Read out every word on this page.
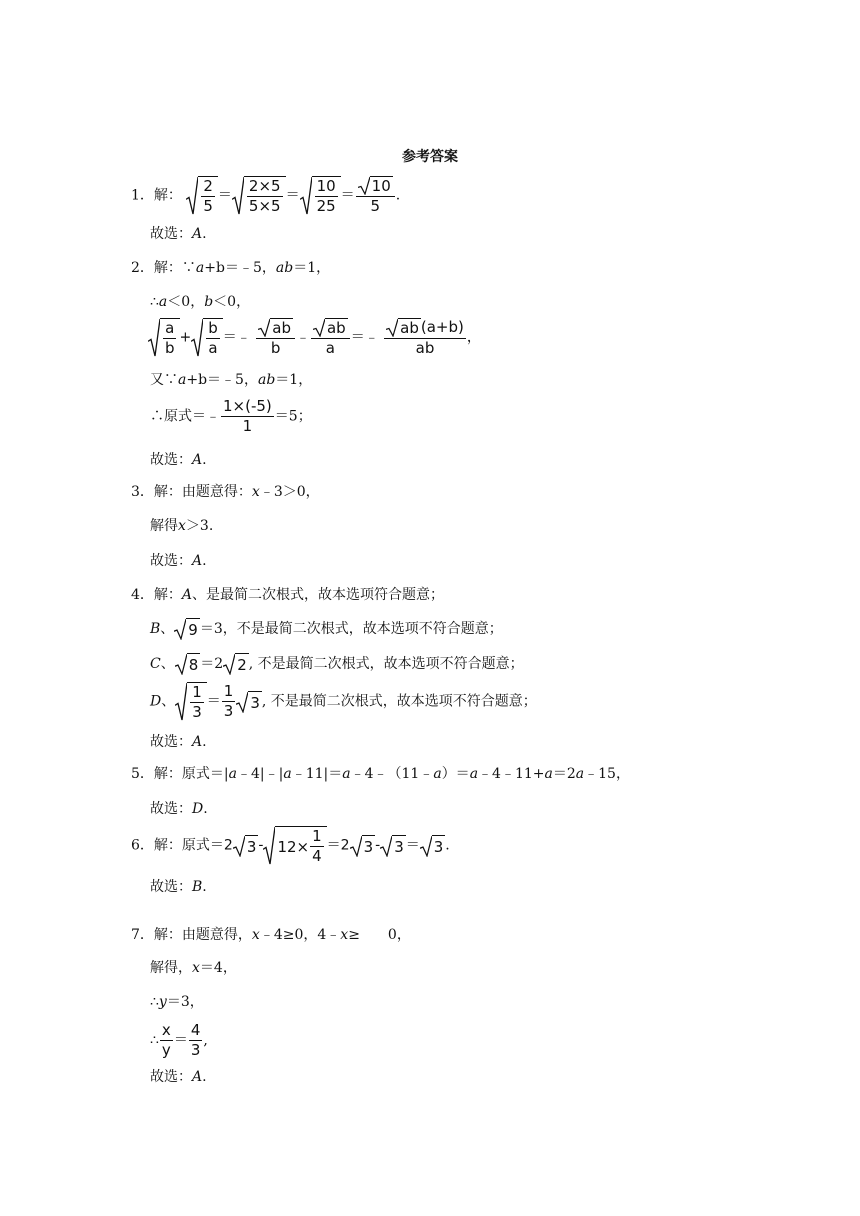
参考答案
1．解：
2
5
＝
2×5
5×5
＝
10
25
＝ $\frac{10}{5}$ .
故选：A.
2．解：∵a+b＝﹣5，ab＝1，
∴a＜0，b＜0，
a
b
+
b
a
＝﹣ $\frac{ab}{b}$ ﹣ $\frac{ab}{a}$ ＝﹣ $\frac{ab (a+b)}{ab}$ ，
又∵a+b＝﹣5，ab＝1，
∴原式＝﹣ $\frac{1\times(-5)}{1} =5$；
故选：A.
3．解：由题意得：x﹣3＞0，
解得x＞3.
故选：A.
4．解：A、是最简二次根式，故本选项符合题意；
B、 9 ＝3，不是最简二次根式，故本选项不符合题意；
C、 8 ＝2 2 , 不是最简二次根式，故本选项不符合题意；
D、
1
3
＝ $\frac{1}{3} 3$ , 不是最简二次根式，故本选项不符合题意；
故选：A.
5．解：原式＝|a﹣4|﹣|a﹣11|＝a﹣4﹣（11﹣a）＝a﹣4﹣11+a＝2a﹣15，
故选：D.
6．解：原式＝2 $3 - 12\times \frac{1}{4} =2$ 3 - 3 ＝ 3 .
故选：B.
7．解：由题意得，x﹣4≥0，4﹣x≥　　0，
解得，x＝4，
∴y＝3，
∴ $\frac{x}{y} = \frac{4}{3}$ ,
故选：A.
